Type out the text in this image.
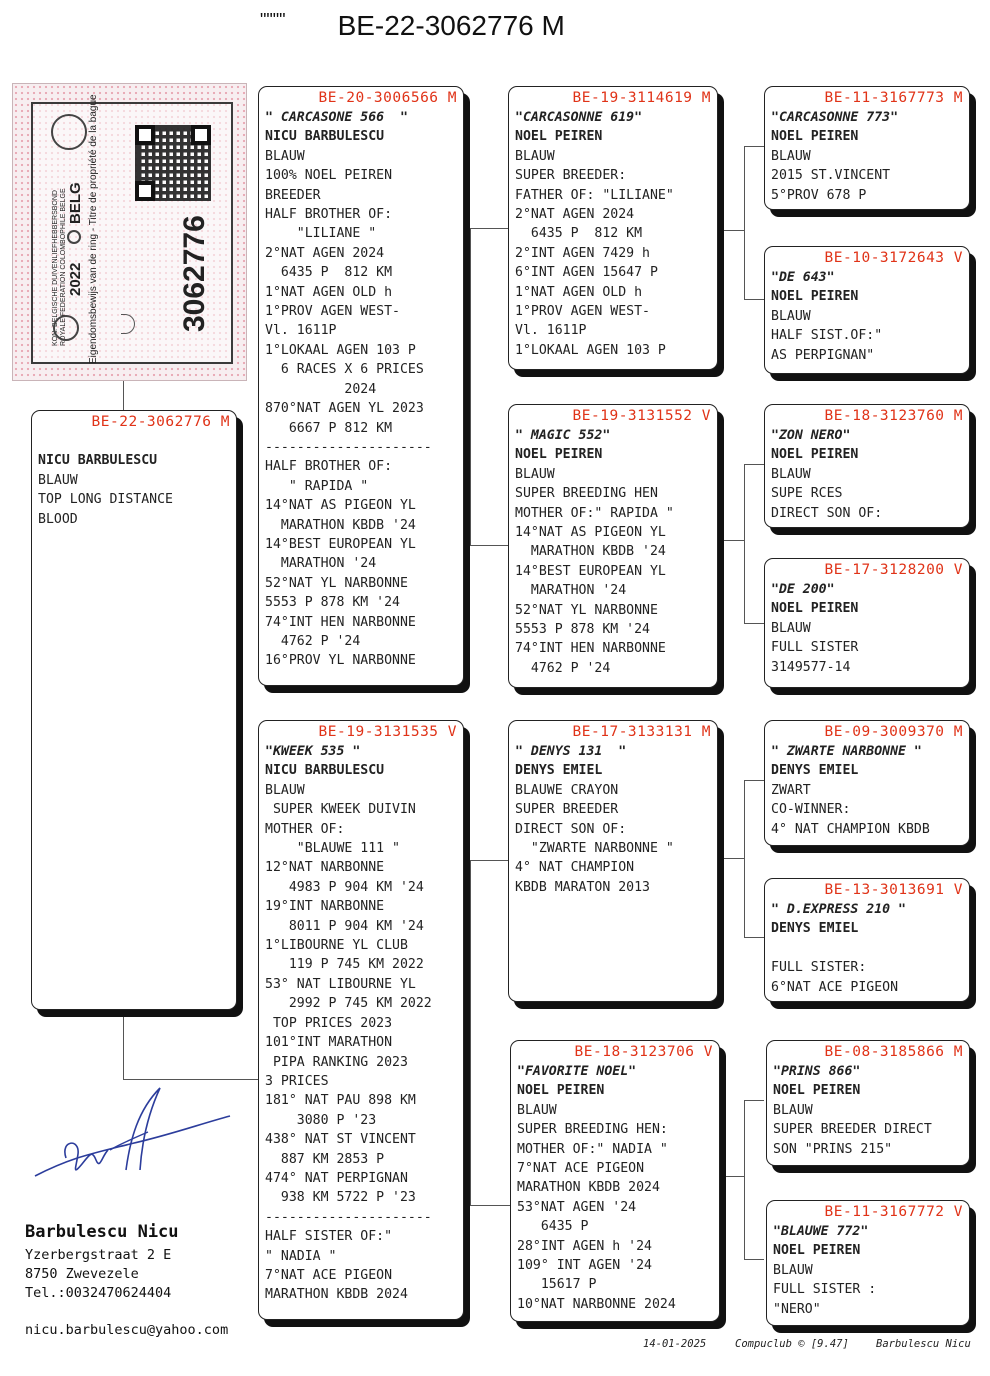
"""" BE-22-3062776 M
KON. BELGISCHE DUIVENLIEFHEBBERSBOND ROYALE FEDERATION COLOMBOPHILE BELGE 2022
BELG Eigendomsbewijs van de ring - Titre de propriété de la bague	3062776
BE-22-3062776 M

NICU BARBULESCU
BLAUW
TOP LONG DISTANCE
BLOOD
BE-20-3006566 M
" CARCASONE 566  "
NICU BARBULESCU
BLAUW
100% NOEL PEIREN
BREEDER
HALF BROTHER OF:
"LILIANE "
2°NAT AGEN 2024
6435 P  812 KM
1°NAT AGEN OLD h
1°PROV AGEN WEST-
Vl. 1611P
1°LOKAAL AGEN 103 P
6 RACES X 6 PRICES
2024
870°NAT AGEN YL 2023
6667 P 812 KM
---------------------
HALF BROTHER OF:
" RAPIDA "
14°NAT AS PIGEON YL
MARATHON KBDB '24
14°BEST EUROPEAN YL
MARATHON '24
52°NAT YL NARBONNE
5553 P 878 KM '24
74°INT HEN NARBONNE
4762 P '24
16°PROV YL NARBONNE
BE-19-3131535 V
"KWEEK 535 "
NICU BARBULESCU
BLAUW
SUPER KWEEK DUIVIN
MOTHER OF:
"BLAUWE 111 "
12°NAT NARBONNE
4983 P 904 KM '24
19°INT NARBONNE
8011 P 904 KM '24
1°LIBOURNE YL CLUB
119 P 745 KM 2022
53° NAT LIBOURNE YL
2992 P 745 KM 2022
TOP PRICES 2023
101°INT MARATHON
PIPA RANKING 2023
3 PRICES
181° NAT PAU 898 KM
3080 P '23
438° NAT ST VINCENT
887 KM 2853 P
474° NAT PERPIGNAN
938 KM 5722 P '23
---------------------
HALF SISTER OF:"
" NADIA "
7°NAT ACE PIGEON
MARATHON KBDB 2024
BE-19-3114619 M
"CARCASONNE 619"
NOEL PEIREN
BLAUW
SUPER BREEDER:
FATHER OF: "LILIANE"
2°NAT AGEN 2024
6435 P  812 KM
2°INT AGEN 7429 h
6°INT AGEN 15647 P
1°NAT AGEN OLD h
1°PROV AGEN WEST-
Vl. 1611P
1°LOKAAL AGEN 103 P
BE-19-3131552 V
" MAGIC 552"
NOEL PEIREN
BLAUW
SUPER BREEDING HEN
MOTHER OF:" RAPIDA "
14°NAT AS PIGEON YL
MARATHON KBDB '24
14°BEST EUROPEAN YL
MARATHON '24
52°NAT YL NARBONNE
5553 P 878 KM '24
74°INT HEN NARBONNE
4762 P '24
BE-17-3133131 M
" DENYS 131  "
DENYS EMIEL
BLAUWE CRAYON
SUPER BREEDER
DIRECT SON OF:
"ZWARTE NARBONNE "
4° NAT CHAMPION
KBDB MARATON 2013
BE-18-3123706 V
"FAVORITE NOEL"
NOEL PEIREN
BLAUW
SUPER BREEDING HEN:
MOTHER OF:" NADIA "
7°NAT ACE PIGEON
MARATHON KBDB 2024
53°NAT AGEN '24
6435 P
28°INT AGEN h '24
109° INT AGEN '24
15617 P
10°NAT NARBONNE 2024
BE-11-3167773 M
"CARCASONNE 773"
NOEL PEIREN
BLAUW
2015 ST.VINCENT
5°PROV 678 P
BE-10-3172643 V
"DE 643"
NOEL PEIREN
BLAUW
HALF SIST.OF:"
AS PERPIGNAN"
BE-18-3123760 M
"ZON NERO"
NOEL PEIREN
BLAUW
SUPE RCES
DIRECT SON OF:
BE-17-3128200 V
"DE 200"
NOEL PEIREN
BLAUW
FULL SISTER
3149577-14
BE-09-3009370 M
" ZWARTE NARBONNE "
DENYS EMIEL
ZWART
CO-WINNER:
4° NAT CHAMPION KBDB
BE-13-3013691 V
" D.EXPRESS 210 "
DENYS EMIEL

FULL SISTER:
6°NAT ACE PIGEON
BE-08-3185866 M
"PRINS 866"
NOEL PEIREN
BLAUW
SUPER BREEDER DIRECT
SON "PRINS 215"
BE-11-3167772 V
"BLAUWE 772"
NOEL PEIREN
BLAUW
FULL SISTER :
"NERO"
Barbulescu Nicu
Yzerbergstraat 2 E
8750 Zwevezele
Tel.:0032470624404
nicu.barbulescu@yahoo.com
14-01-2025	Compuclub © [9.47]	Barbulescu Nicu
